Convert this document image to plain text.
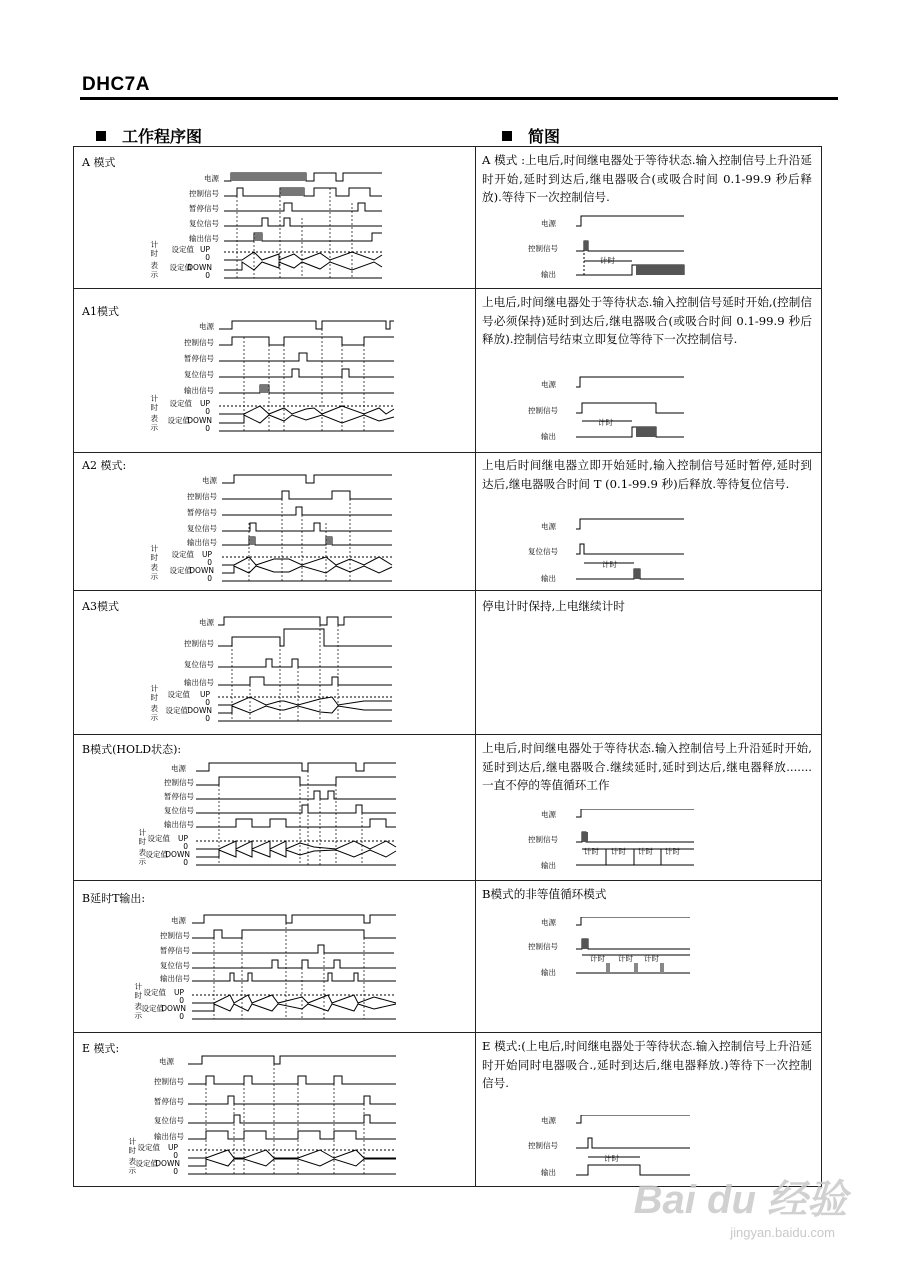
DHC7A
工作程序图	简图
A 模式
A1模式
A2 模式:
A3模式
B模式(HOLD状态):
B延时T输出:
E 模式:
A 模式 :上电后,时间继电器处于等待状态.输入控制信号上升沿延时开始,延时到达后,继电器吸合(或吸合时间 0.1-99.9 秒后释放).等待下一次控制信号.
上电后,时间继电器处于等待状态.输入控制信号延时开始,(控制信号必须保持)延时到达后,继电器吸合(或吸合时间 0.1-99.9 秒后释放).控制信号结束立即复位等待下一次控制信号.
上电后时间继电器立即开始延时,输入控制信号延时暂停,延时到达后,继电器吸合时间 T (0.1-99.9 秒)后释放.等待复位信号.
停电计时保持,上电继续计时
上电后,时间继电器处于等待状态.输入控制信号上升沿延时开始,延时到达后,继电器吸合.继续延时,延时到达后,继电器释放....... 一直不停的等值循环工作
B模式的非等值循环模式
E 模式:(上电后,时间继电器处于等待状态.输入控制信号上升沿延时开始同时电器吸合.,延时到达后,继电器释放.)等待下一次控制信号.
电源
控制信号
暂停信号
复位信号
输出信号
计
时
表
示
设定值 UP
0
设定值
DOWN
0
电源
控制信号
暂停信号
复位信号
输出信号
计
时
表
示
设定值 UP
0
设定值
DOWN
0
电源
控制信号
暂停信号
复位信号
输出信号
计
时
表
示
设定值 UP
0
设定值
DOWN
0
电源
控制信号
复位信号
输出信号
计
时
表
示
设定值 UP
0
设定值 DOWN
0
电源
控制信号
暂停信号
复位信号
输出信号
计
时
表
示
设定值 UP
0
设定值
DOWN
0
电源
控制信号
暂停信号
复位信号
输出信号
计
时
表
示
设定值 UP
0
设定值
DOWN
0
电源
控制信号
暂停信号
复位信号
输出信号
计
时
表
示
设定值 UP
0
设定值
DOWN
0
电源
控制信号
输出
计时
电源
控制信号
输出
计时
电源
复位信号
输出
计时
电源
控制信号
输出
计时 计时 计时 计时
电源
控制信号
输出
计时 计时 计时
电源
控制信号
输出
计时
Bai du 经验
jingyan.baidu.com
